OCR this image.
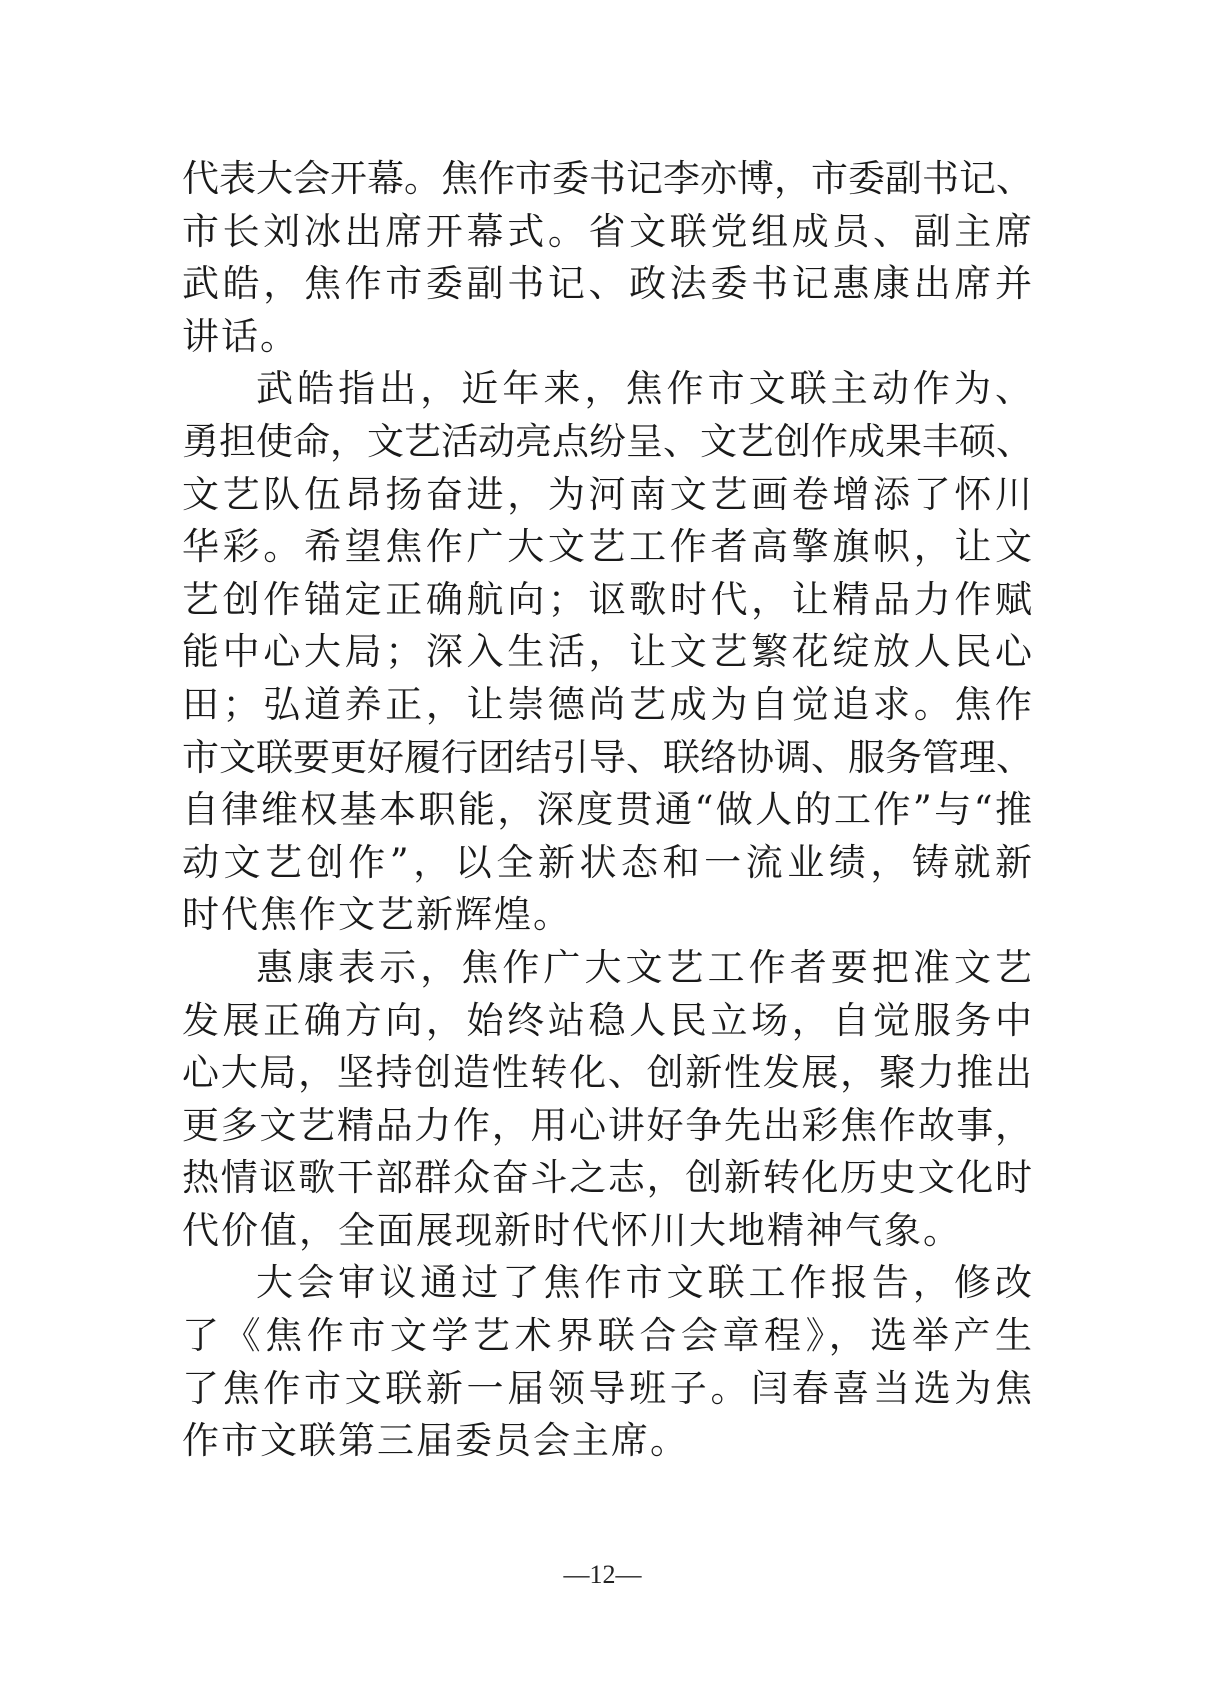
代表大会开幕。焦作市委书记李亦博，市委副书记、
市长刘冰出席开幕式。省文联党组成员、副主席
武皓，焦作市委副书记、政法委书记惠康出席并
讲话。
武皓指出，近年来，焦作市文联主动作为、
勇担使命，文艺活动亮点纷呈、文艺创作成果丰硕、
文艺队伍昂扬奋进，为河南文艺画卷增添了怀川
华彩。希望焦作广大文艺工作者高擎旗帜，让文
艺创作锚定正确航向；讴歌时代，让精品力作赋
能中心大局；深入生活，让文艺繁花绽放人民心
田；弘道养正，让崇德尚艺成为自觉追求。焦作
市文联要更好履行团结引导、联络协调、服务管理、
自律维权基本职能，深度贯通“做人的工作”与“推
动文艺创作”，以全新状态和一流业绩，铸就新
时代焦作文艺新辉煌。
惠康表示，焦作广大文艺工作者要把准文艺
发展正确方向，始终站稳人民立场，自觉服务中
心大局，坚持创造性转化、创新性发展，聚力推出
更多文艺精品力作，用心讲好争先出彩焦作故事，
热情讴歌干部群众奋斗之志，创新转化历史文化时
代价值，全面展现新时代怀川大地精神气象。
大会审议通过了焦作市文联工作报告，修改
了《焦作市文学艺术界联合会章程》，选举产生
了焦作市文联新一届领导班子。闫春喜当选为焦
作市文联第三届委员会主席。
—12—
